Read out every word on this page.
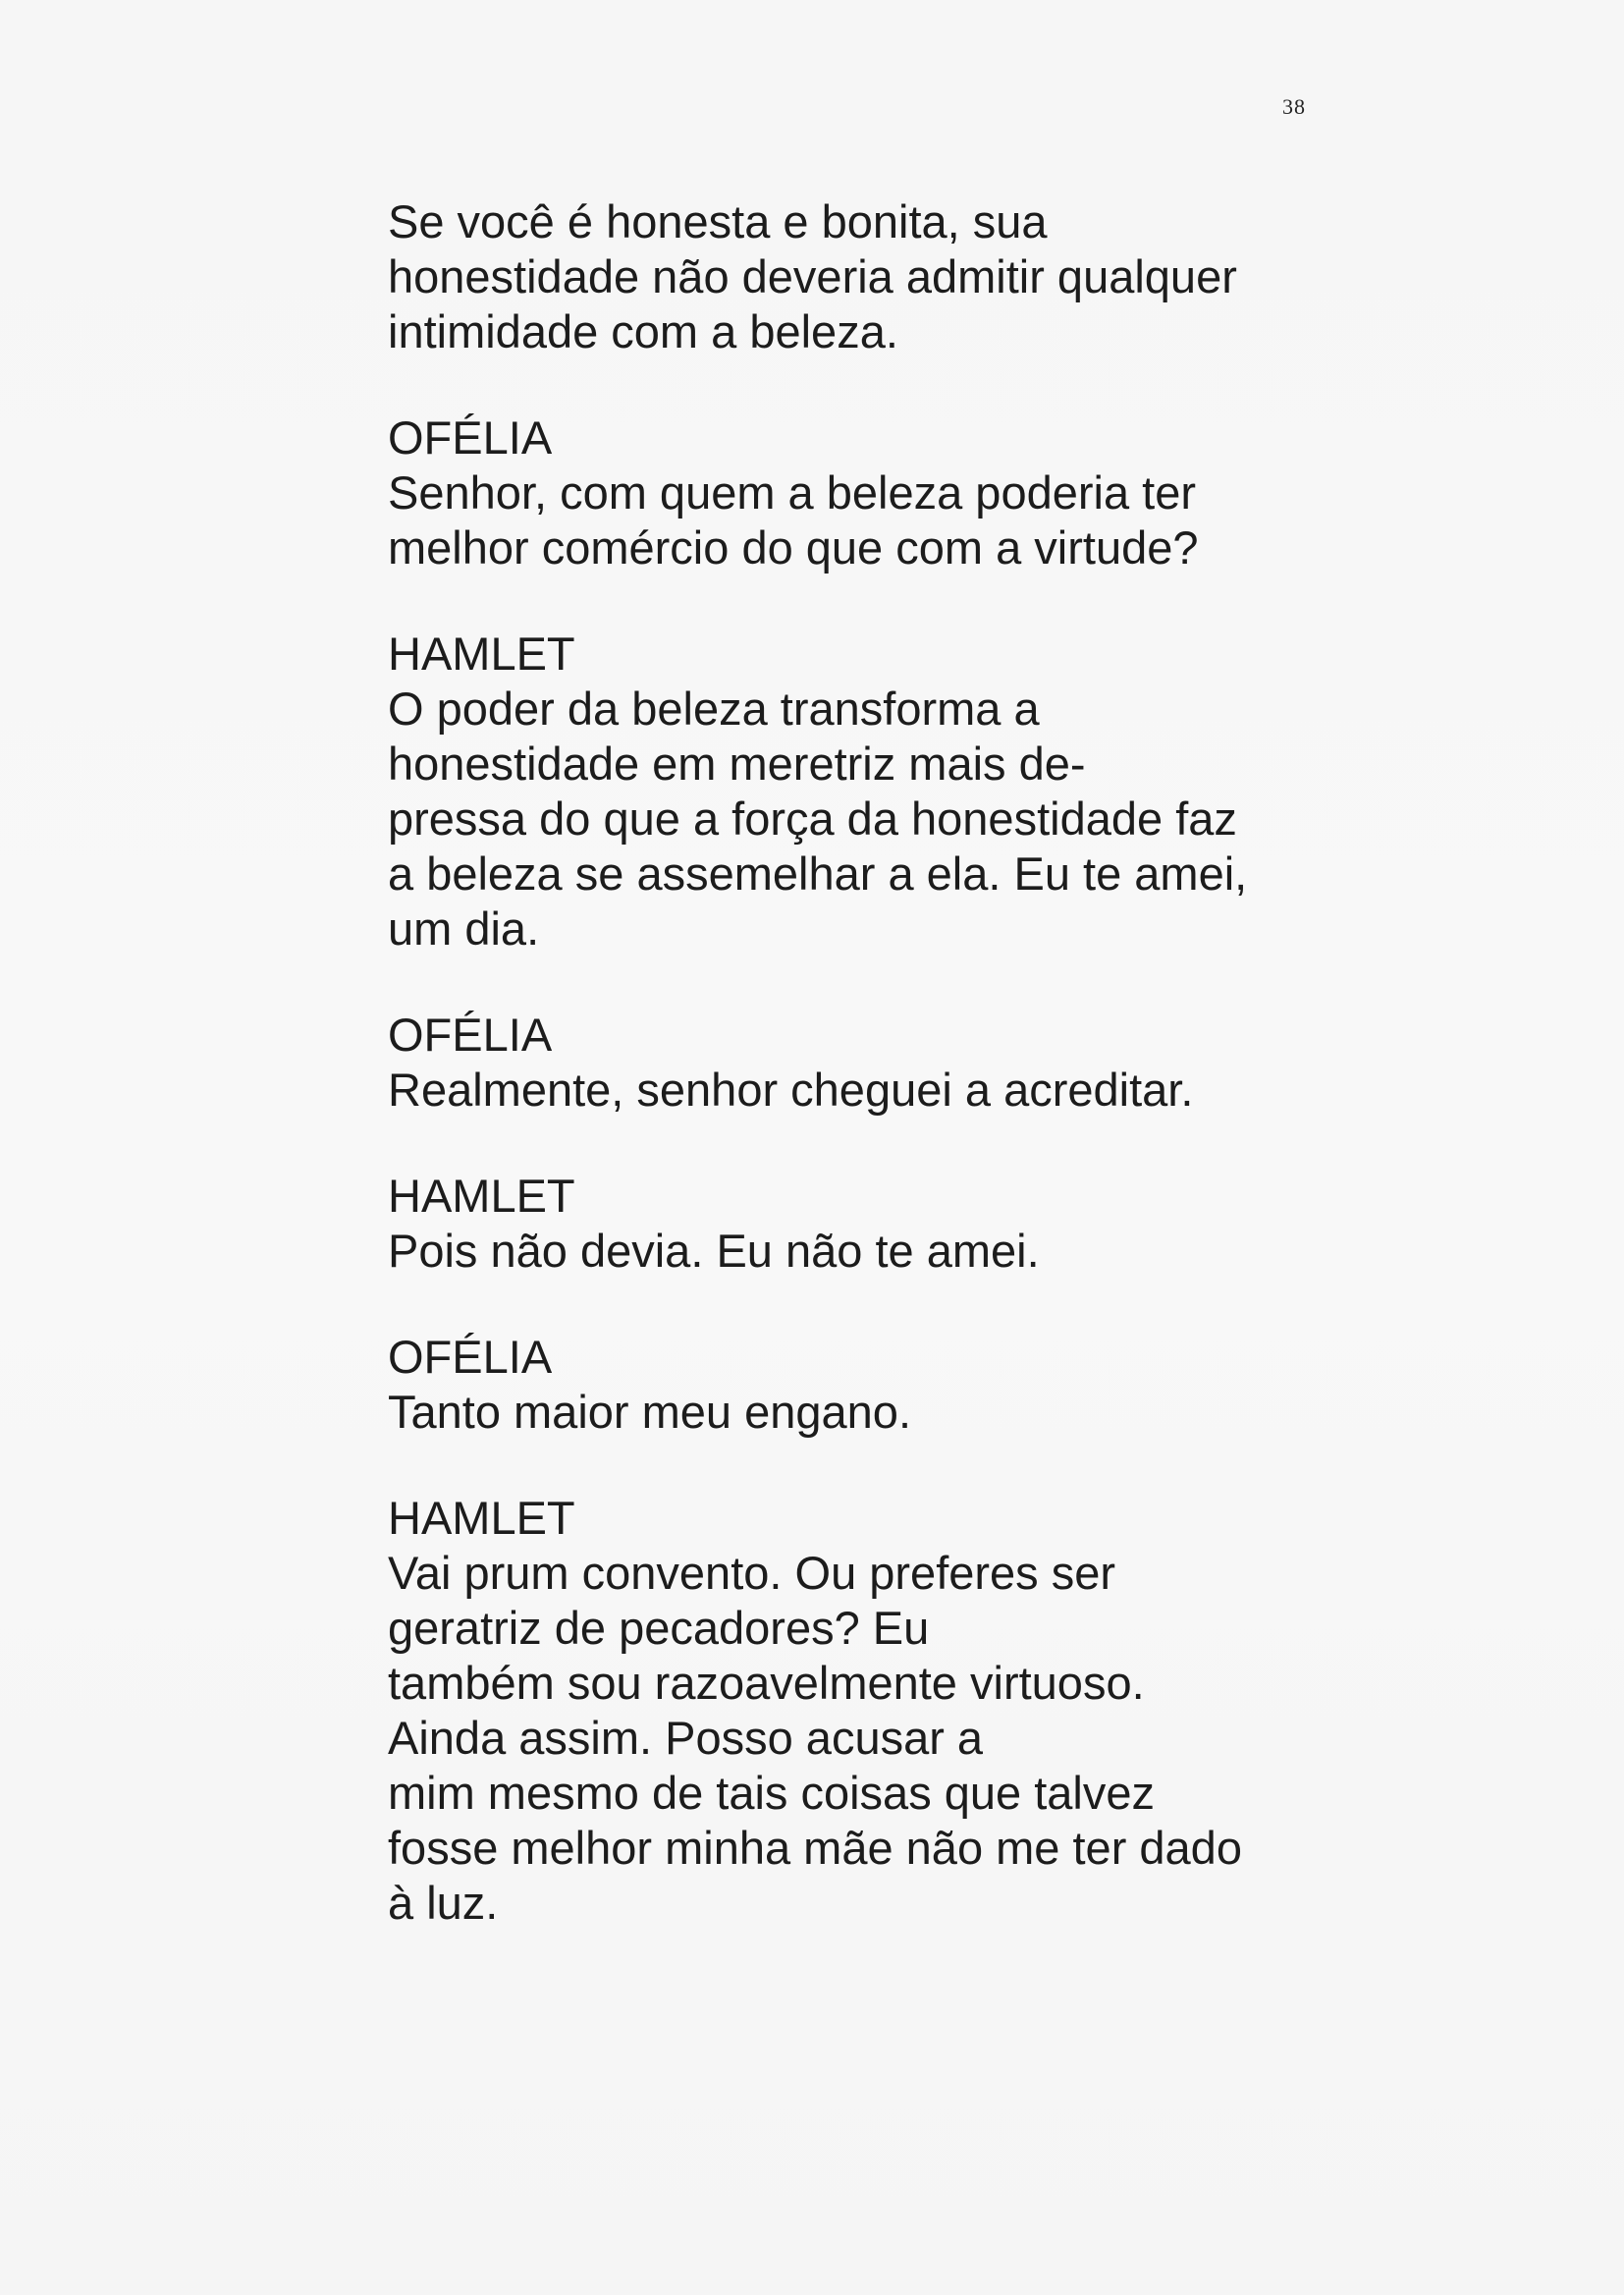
38
Se você é honesta e bonita, sua
honestidade não deveria admitir qualquer
intimidade com a beleza.
OFÉLIA
Senhor, com quem a beleza poderia ter
melhor comércio do que com a virtude?
HAMLET
O poder da beleza transforma a
honestidade em meretriz mais de-
pressa do que a força da honestidade faz
a beleza se assemelhar a ela. Eu te amei,
um dia.
OFÉLIA
Realmente, senhor cheguei a acreditar.
HAMLET
Pois não devia. Eu não te amei.
OFÉLIA
Tanto maior meu engano.
HAMLET
Vai prum convento. Ou preferes ser
geratriz de pecadores? Eu
também sou razoavelmente virtuoso.
Ainda assim. Posso acusar a
mim mesmo de tais coisas que talvez
fosse melhor minha mãe não me ter dado
à luz.
